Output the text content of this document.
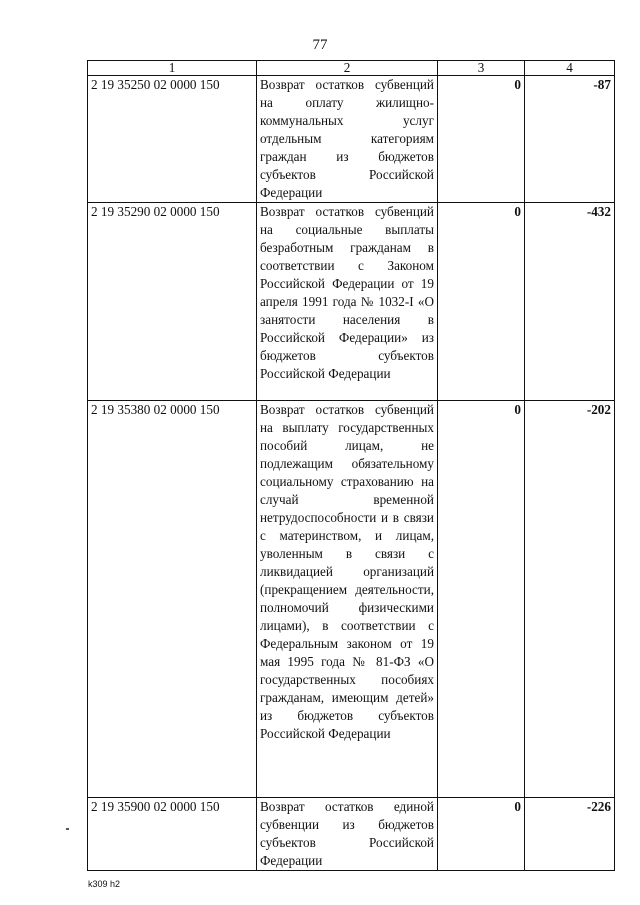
77
1	2	3	4
2 19 35250 02 0000 150	Возврат остатков субвенций на оплату жилищно-коммунальных услуг отдельным категориям граждан из бюджетов субъектов Российской Федерации	0	-87
2 19 35290 02 0000 150	Возврат остатков субвенций на социальные выплаты безработным гражданам в соответствии с Законом Российской Федерации от 19 апреля 1991 года № 1032-I «О занятости населения в Российской Федерации» из бюджетов субъектов Российской Федерации	0	-432
2 19 35380 02 0000 150	Возврат остатков субвенций на выплату государственных пособий лицам, не подлежащим обязательному социальному страхованию на случай временной нетрудоспособности и в связи с материнством, и лицам, уволенным в связи с ликвидацией организаций (прекращением деятельности, полномочий физическими лицами), в соответствии с Федеральным законом от 19 мая 1995 года № 81-ФЗ «О государственных пособиях гражданам, имеющим детей» из бюджетов субъектов Российской Федерации	0	-202
2 19 35900 02 0000 150	Возврат остатков единой субвенции из бюджетов субъектов Российской Федерации	0	-226
k309 h2
